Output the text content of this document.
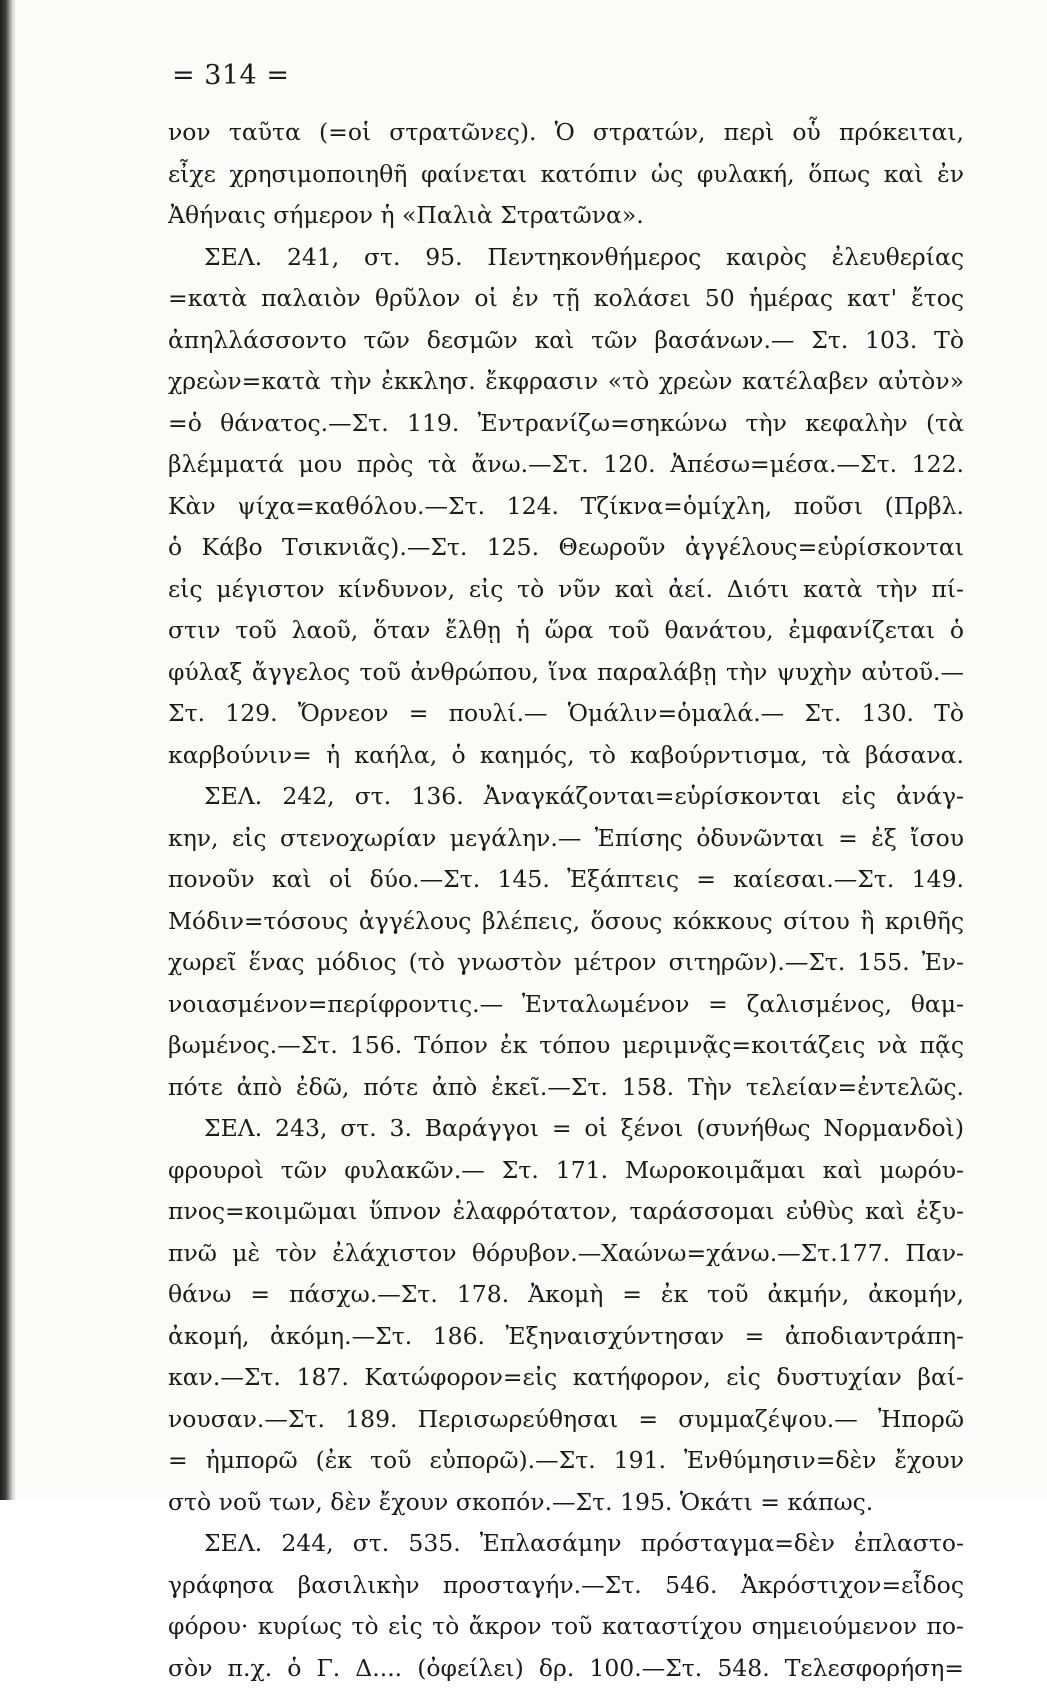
= 314 =
νον ταῦτα (=οἱ στρατῶνες). Ὁ στρατών, περὶ οὗ πρόκειται,
εἶχε χρησιμοποιηθῆ φαίνεται κατόπιν ὡς φυλακή, ὅπως καὶ ἐν
Ἀθήναις σήμερον ἡ «Παλιὰ Στρατῶνα».
ΣΕΛ. 241, στ. 95. Πεντηκονθήμερος καιρὸς ἐλευθερίας
=κατὰ παλαιὸν θρῦλον οἱ ἐν τῇ κολάσει 50 ἡμέρας κατ' ἔτος
ἀπηλλάσσοντο τῶν δεσμῶν καὶ τῶν βασάνων.— Στ. 103. Τὸ
χρεὼν=κατὰ τὴν ἐκκλησ. ἔκφρασιν «τὸ χρεὼν κατέλαβεν αὐτὸν»
=ὁ θάνατος.—Στ. 119. Ἐντρανίζω=σηκώνω τὴν κεφαλὴν (τὰ
βλέμματά μου πρὸς τὰ ἄνω.—Στ. 120. Ἀπέσω=μέσα.—Στ. 122.
Κὰν ψίχα=καθόλου.—Στ. 124. Τζίκνα=ὁμίχλη, ποῦσι (Πρβλ.
ὁ Κάβο Τσικνιᾶς).—Στ. 125. Θεωροῦν ἀγγέλους=εὑρίσκονται
εἰς μέγιστον κίνδυνον, εἰς τὸ νῦν καὶ ἀεί. Διότι κατὰ τὴν πί-
στιν τοῦ λαοῦ, ὅταν ἔλθῃ ἡ ὥρα τοῦ θανάτου, ἐμφανίζεται ὁ
φύλαξ ἄγγελος τοῦ ἀνθρώπου, ἵνα παραλάβῃ τὴν ψυχὴν αὐτοῦ.—
Στ. 129. Ὄρνεον = πουλί.— Ὁμάλιν=ὁμαλά.— Στ. 130. Τὸ
καρβούνιν= ἡ καήλα, ὁ καημός, τὸ καβούρντισμα, τὰ βάσανα.
ΣΕΛ. 242, στ. 136. Ἀναγκάζονται=εὑρίσκονται εἰς ἀνάγ-
κην, εἰς στενοχωρίαν μεγάλην.— Ἐπίσης ὀδυνῶνται = ἐξ ἴσου
πονοῦν καὶ οἱ δύο.—Στ. 145. Ἐξάπτεις = καίεσαι.—Στ. 149.
Μόδιν=τόσους ἀγγέλους βλέπεις, ὅσους κόκκους σίτου ἢ κριθῆς
χωρεῖ ἕνας μόδιος (τὸ γνωστὸν μέτρον σιτηρῶν).—Στ. 155. Ἐν-
νοιασμένον=περίφροντις.— Ἐνταλωμένον = ζαλισμένος, θαμ-
βωμένος.—Στ. 156. Τόπον ἐκ τόπου μεριμνᾷς=κοιτάζεις νὰ πᾷς
πότε ἀπὸ ἐδῶ, πότε ἀπὸ ἐκεῖ.—Στ. 158. Τὴν τελείαν=ἐντελῶς.
ΣΕΛ. 243, στ. 3. Βαράγγοι = οἱ ξένοι (συνήθως Νορμανδοὶ)
φρουροὶ τῶν φυλακῶν.— Στ. 171. Μωροκοιμᾶμαι καὶ μωρόυ-
πνος=κοιμῶμαι ὕπνον ἐλαφρότατον, ταράσσομαι εὐθὺς καὶ ἐξυ-
πνῶ μὲ τὸν ἐλάχιστον θόρυβον.—Χαώνω=χάνω.—Στ.177. Παν-
θάνω = πάσχω.—Στ. 178. Ἀκομὴ = ἐκ τοῦ ἀκμήν, ἀκομήν,
ἀκομή, ἀκόμη.—Στ. 186. Ἐξηναισχύντησαν = ἀποδιαντράπη-
καν.—Στ. 187. Κατώφορον=εἰς κατήφορον, εἰς δυστυχίαν βαί-
νουσαν.—Στ. 189. Περισωρεύθησαι = συμμαζέψου.— Ἠπορῶ
= ἠμπορῶ (ἐκ τοῦ εὐπορῶ).—Στ. 191. Ἐνθύμησιν=δὲν ἔχουν
στὸ νοῦ των, δὲν ἔχουν σκοπόν.—Στ. 195. Ὁκάτι = κάπως.
ΣΕΛ. 244, στ. 535. Ἐπλασάμην πρόσταγμα=δὲν ἐπλαστο-
γράφησα βασιλικὴν προσταγήν.—Στ. 546. Ἀκρόστιχον=εἶδος
φόρου· κυρίως τὸ εἰς τὸ ἄκρον τοῦ καταστίχου σημειούμενον πο-
σὸν π.χ. ὁ Γ. Δ.... (ὀφείλει) δρ. 100.—Στ. 548. Τελεσφορήση=
